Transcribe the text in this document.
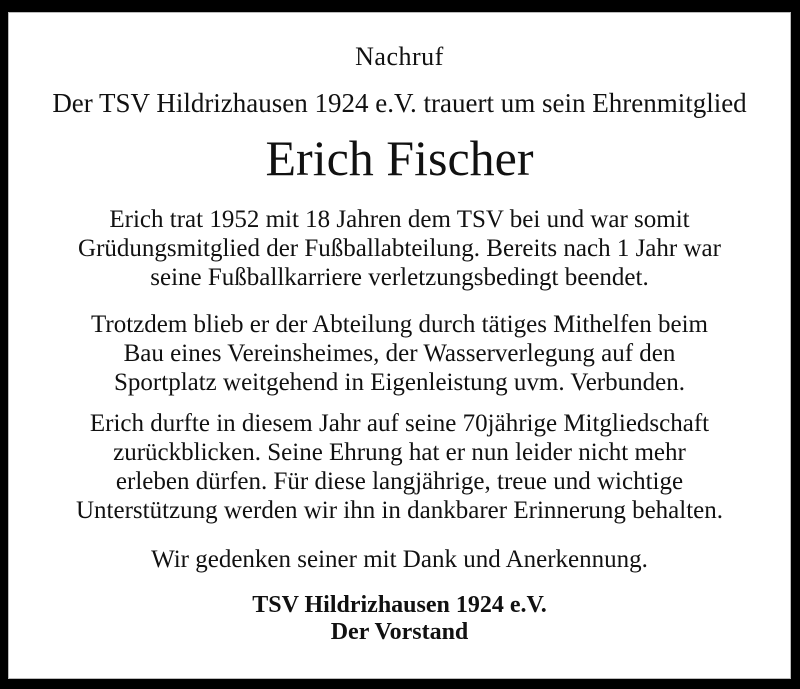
Nachruf
Der TSV Hildrizhausen 1924 e.V. trauert um sein Ehrenmitglied
Erich Fischer
Erich trat 1952 mit 18 Jahren dem TSV bei und war somit
Grüdungsmitglied der Fußballabteilung. Bereits nach 1 Jahr war
seine Fußballkarriere verletzungsbedingt beendet.
Trotzdem blieb er der Abteilung durch tätiges Mithelfen beim
Bau eines Vereinsheimes, der Wasserverlegung auf den
Sportplatz weitgehend in Eigenleistung uvm. Verbunden.
Erich durfte in diesem Jahr auf seine 70jährige Mitgliedschaft
zurückblicken. Seine Ehrung hat er nun leider nicht mehr
erleben dürfen. Für diese langjährige, treue und wichtige
Unterstützung werden wir ihn in dankbarer Erinnerung behalten.
Wir gedenken seiner mit Dank und Anerkennung.
TSV Hildrizhausen 1924 e.V.
Der Vorstand
